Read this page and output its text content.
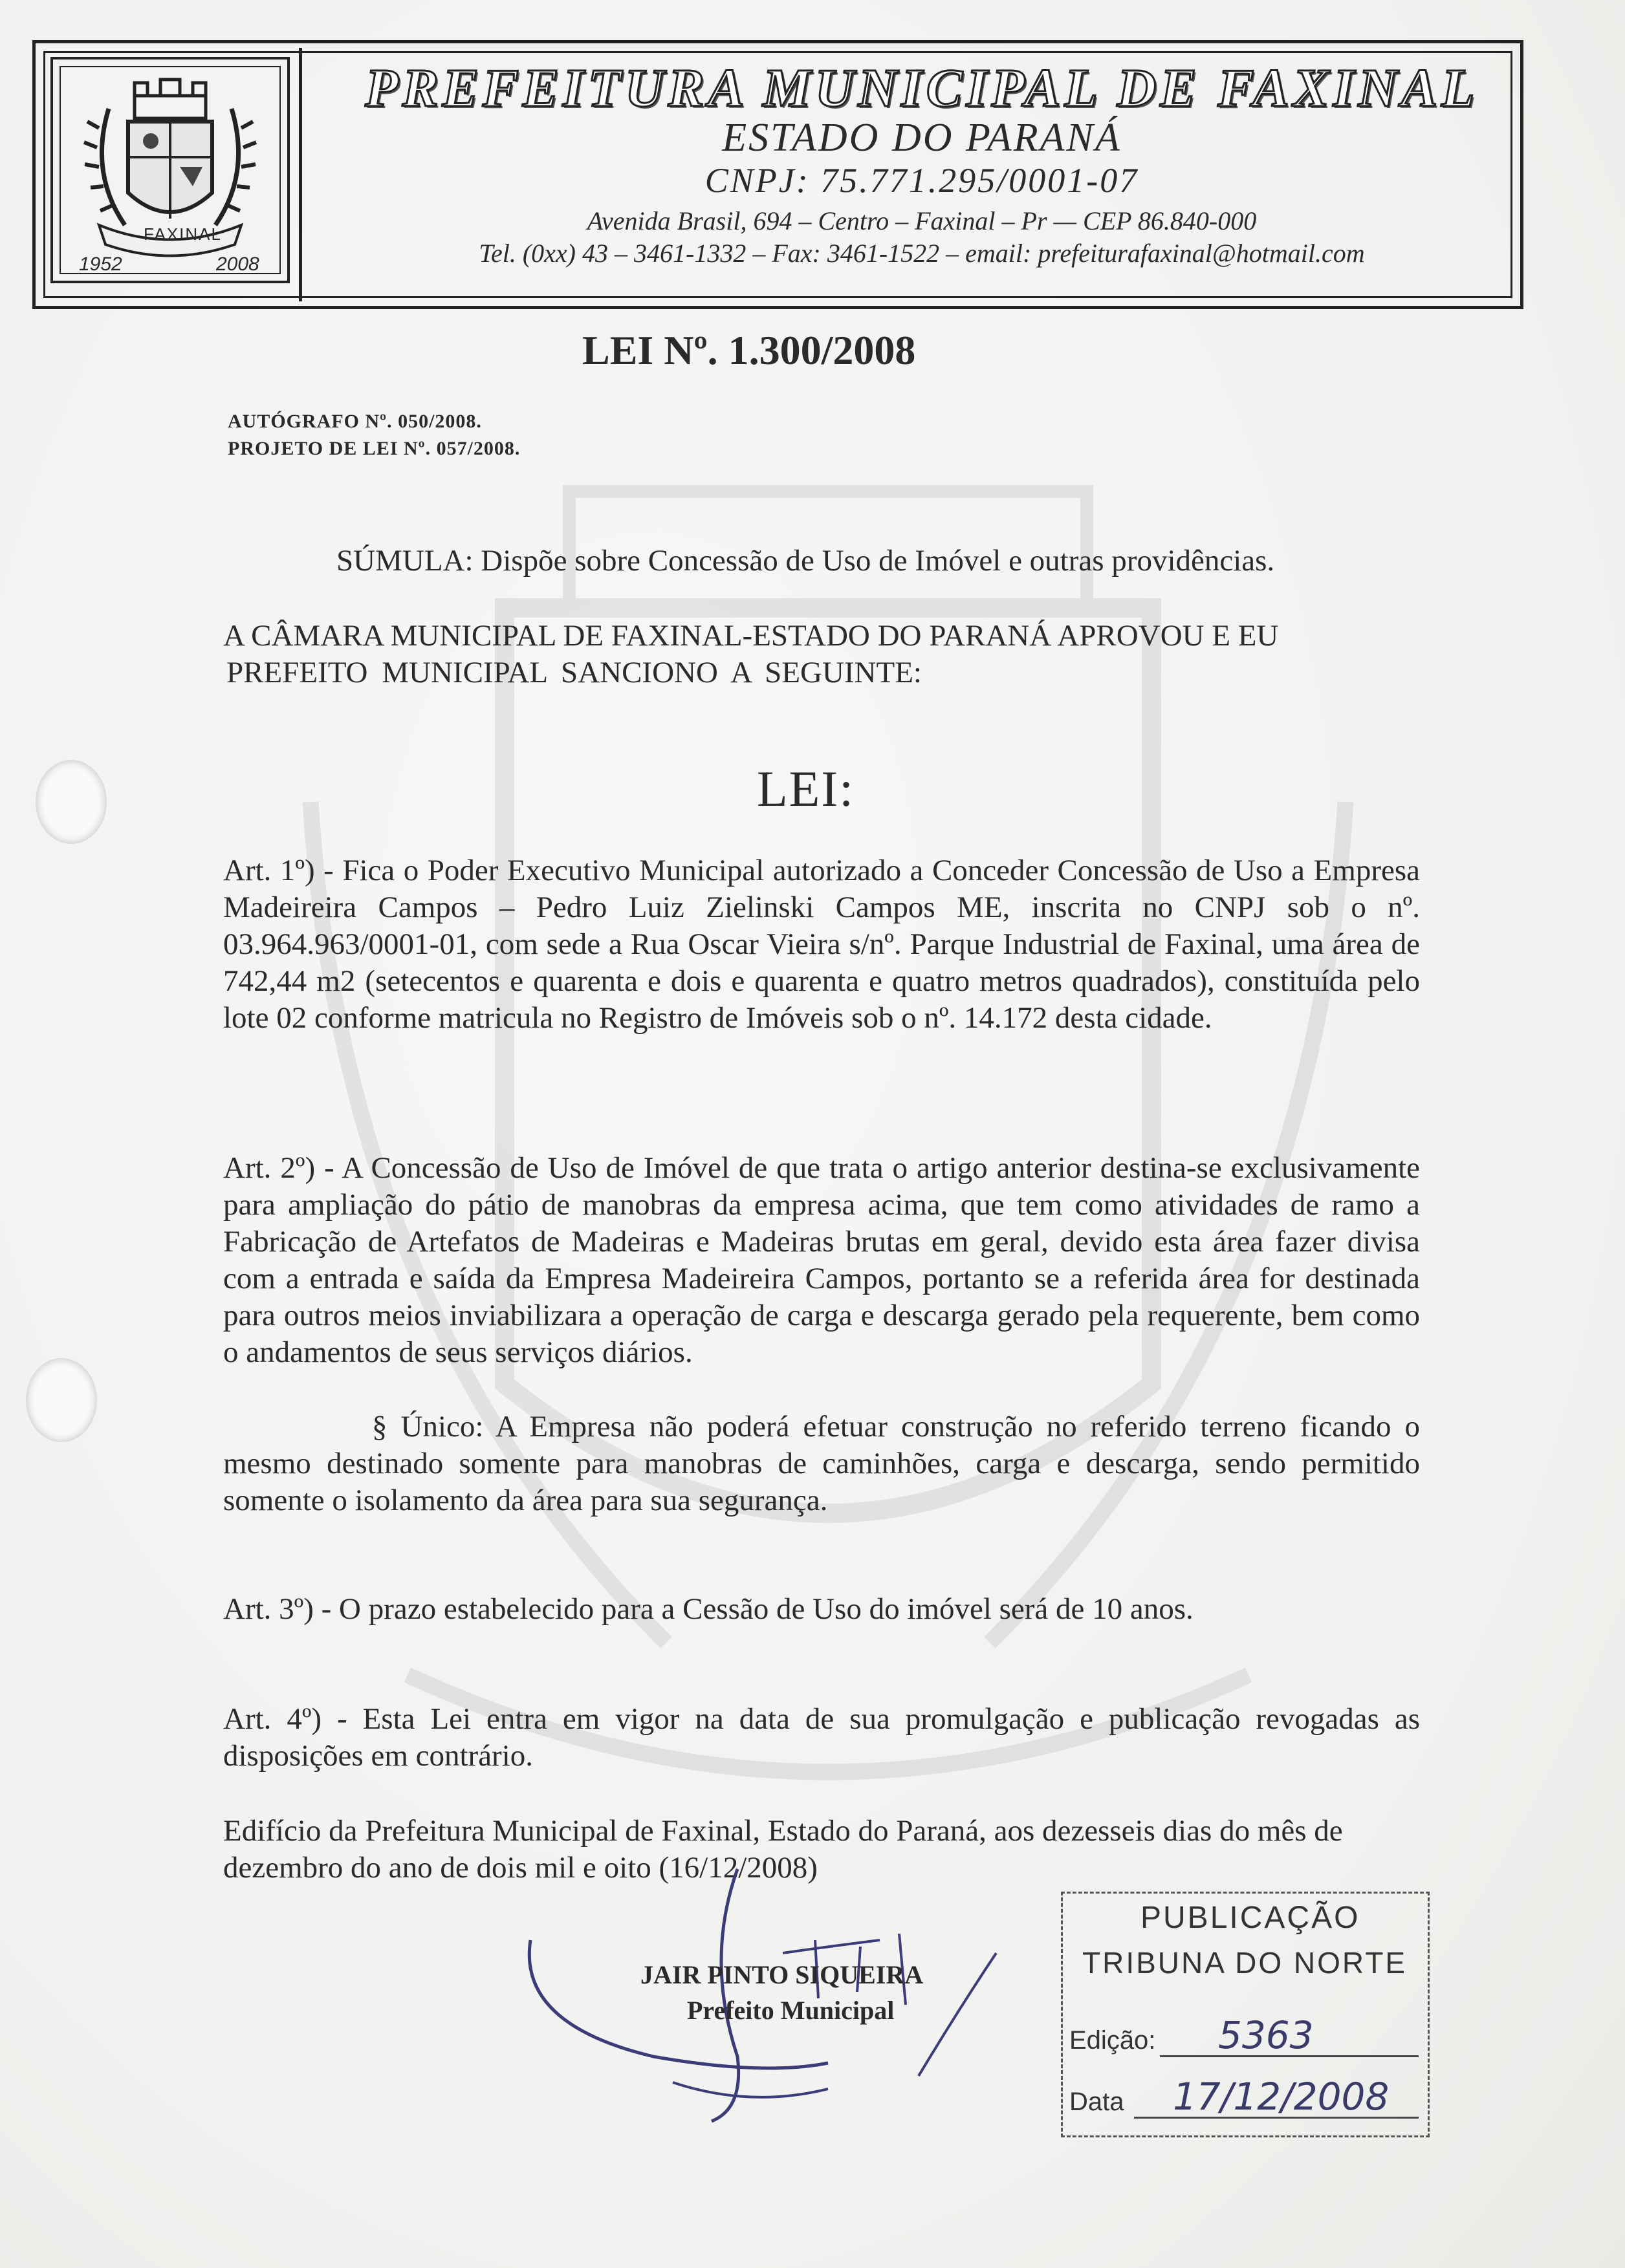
FAXINAL
1952	2008
PREFEITURA MUNICIPAL DE FAXINAL
ESTADO DO PARANÁ
CNPJ: 75.771.295/0001-07
Avenida Brasil, 694 – Centro – Faxinal – Pr — CEP 86.840-000
Tel. (0xx) 43 – 3461-1332 – Fax: 3461-1522 – email: prefeiturafaxinal@hotmail.com
LEI Nº. 1.300/2008
AUTÓGRAFO Nº. 050/2008.
PROJETO DE LEI Nº. 057/2008.
SÚMULA: Dispõe sobre Concessão de Uso de Imóvel e outras providências.
A CÂMARA MUNICIPAL DE FAXINAL-ESTADO DO PARANÁ APROVOU E EU
PREFEITO MUNICIPAL SANCIONO A SEGUINTE:
LEI:
Art. 1º) - Fica o Poder Executivo Municipal autorizado a Conceder Concessão de Uso a Empresa Madeireira Campos – Pedro Luiz Zielinski Campos ME, inscrita no CNPJ sob o nº. 03.964.963/0001-01, com sede a Rua Oscar Vieira s/nº. Parque Industrial de Faxinal, uma área de 742,44 m2 (setecentos e quarenta e dois e quarenta e quatro metros quadrados), constituída pelo lote 02 conforme matricula no Registro de Imóveis sob o nº. 14.172 desta cidade.
Art. 2º) - A Concessão de Uso de Imóvel de que trata o artigo anterior destina-se exclusivamente para ampliação do pátio de manobras da empresa acima, que tem como atividades de ramo a Fabricação de Artefatos de Madeiras e Madeiras brutas em geral, devido esta área fazer divisa com a entrada e saída da Empresa Madeireira Campos, portanto se a referida área for destinada para outros meios inviabilizara a operação de carga e descarga gerado pela requerente, bem como o andamentos de seus serviços diários.
§ Único: A Empresa não poderá efetuar construção no referido terreno ficando o mesmo destinado somente para manobras de caminhões, carga e descarga, sendo permitido somente o isolamento da área para sua segurança.
Art. 3º) - O prazo estabelecido para a Cessão de Uso do imóvel será de 10 anos.
Art. 4º) - Esta Lei entra em vigor na data de sua promulgação e publicação revogadas as disposições em contrário.
Edifício da Prefeitura Municipal de Faxinal, Estado do Paraná, aos dezesseis dias do mês de dezembro do ano de dois mil e oito (16/12/2008)
JAIR PINTO SIQUEIRA
Prefeito Municipal
PUBLICAÇÃO
TRIBUNA DO NORTE
Edição: 5363
Data 17/12/2008
